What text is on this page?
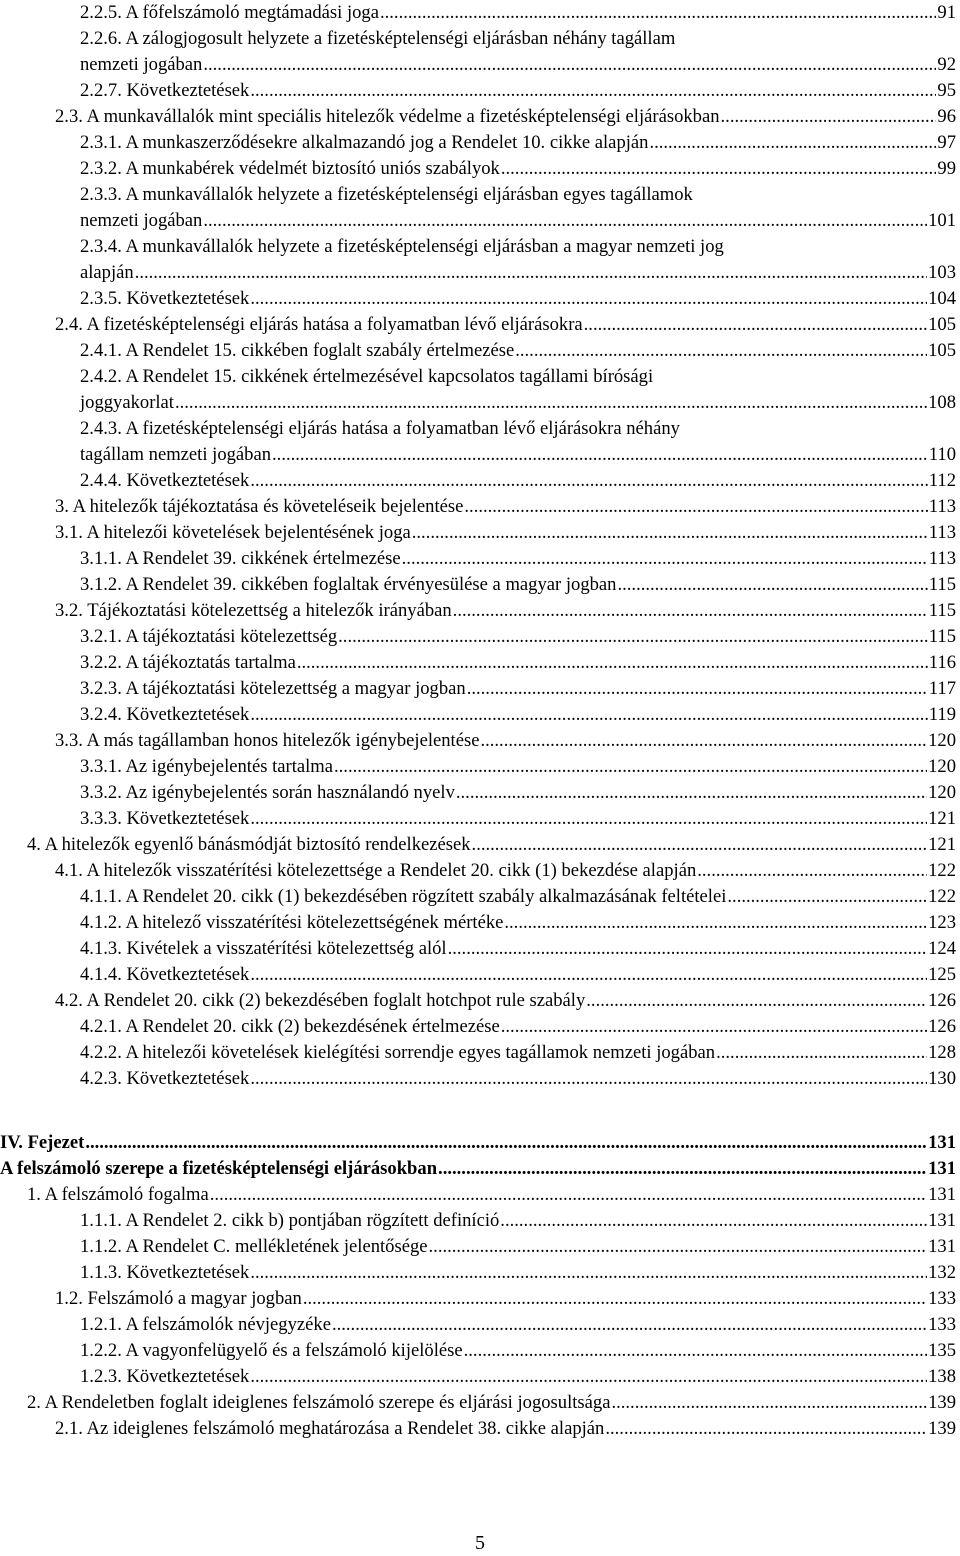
2.2.5. A főfelszámoló megtámadási joga .....	91
2.2.6. A zálogjogosult helyzete a fizetésképtelenségi eljárásban néhány tagállam
nemzeti jogában .....	92
2.2.7. Következtetések .....	95
2.3. A munkavállalók mint speciális hitelezők védelme a fizetésképtelenségi eljárásokban .....	96
2.3.1. A munkaszerződésekre alkalmazandó jog a Rendelet 10. cikke alapján .....	97
2.3.2. A munkabérek védelmét biztosító uniós szabályok .....	99
2.3.3. A munkavállalók helyzete a fizetésképtelenségi eljárásban egyes tagállamok
nemzeti jogában .....	101
2.3.4. A munkavállalók helyzete a fizetésképtelenségi eljárásban a magyar nemzeti jog
alapján .....	103
2.3.5. Következtetések .....	104
2.4. A fizetésképtelenségi eljárás hatása a folyamatban lévő eljárásokra .....	105
2.4.1. A Rendelet 15. cikkében foglalt szabály értelmezése .....	105
2.4.2. A Rendelet 15. cikkének értelmezésével kapcsolatos tagállami bírósági
joggyakorlat .....	108
2.4.3. A fizetésképtelenségi eljárás hatása a folyamatban lévő eljárásokra néhány
tagállam nemzeti jogában .....	110
2.4.4. Következtetések .....	112
3. A hitelezők tájékoztatása és követeléseik bejelentése .....	113
3.1. A hitelezői követelések bejelentésének joga .....	113
3.1.1. A Rendelet 39. cikkének értelmezése .....	113
3.1.2. A Rendelet 39. cikkében foglaltak érvényesülése a magyar jogban .....	115
3.2. Tájékoztatási kötelezettség a hitelezők irányában .....	115
3.2.1. A tájékoztatási kötelezettség .....	115
3.2.2. A tájékoztatás tartalma .....	116
3.2.3. A tájékoztatási kötelezettség a magyar jogban .....	117
3.2.4. Következtetések .....	119
3.3. A más tagállamban honos hitelezők igénybejelentése .....	120
3.3.1. Az igénybejelentés tartalma .....	120
3.3.2. Az igénybejelentés során használandó nyelv .....	120
3.3.3. Következtetések .....	121
4. A hitelezők egyenlő bánásmódját biztosító rendelkezések .....	121
4.1. A hitelezők visszatérítési kötelezettsége a Rendelet 20. cikk (1) bekezdése alapján .....	122
4.1.1. A Rendelet 20. cikk (1) bekezdésében rögzített szabály alkalmazásának feltételei .....	122
4.1.2. A hitelező visszatérítési kötelezettségének mértéke .....	123
4.1.3. Kivételek a visszatérítési kötelezettség alól .....	124
4.1.4. Következtetések .....	125
4.2. A Rendelet 20. cikk (2) bekezdésében foglalt hotchpot rule szabály .....	126
4.2.1. A Rendelet 20. cikk (2) bekezdésének értelmezése .....	126
4.2.2. A hitelezői követelések kielégítési sorrendje egyes tagállamok nemzeti jogában .....	128
4.2.3. Következtetések .....	130
IV. Fejezet .....	131
A felszámoló szerepe a fizetésképtelenségi eljárásokban .....	131
1. A felszámoló fogalma .....	131
1.1.1. A Rendelet 2. cikk b) pontjában rögzített definíció .....	131
1.1.2. A Rendelet C. mellékletének jelentősége .....	131
1.1.3. Következtetések .....	132
1.2. Felszámoló a magyar jogban .....	133
1.2.1. A felszámolók névjegyzéke .....	133
1.2.2. A vagyonfelügyelő és a felszámoló kijelölése .....	135
1.2.3. Következtetések .....	138
2. A Rendeletben foglalt ideiglenes felszámoló szerepe és eljárási jogosultsága .....	139
2.1. Az ideiglenes felszámoló meghatározása a Rendelet 38. cikke alapján .....	139
5
